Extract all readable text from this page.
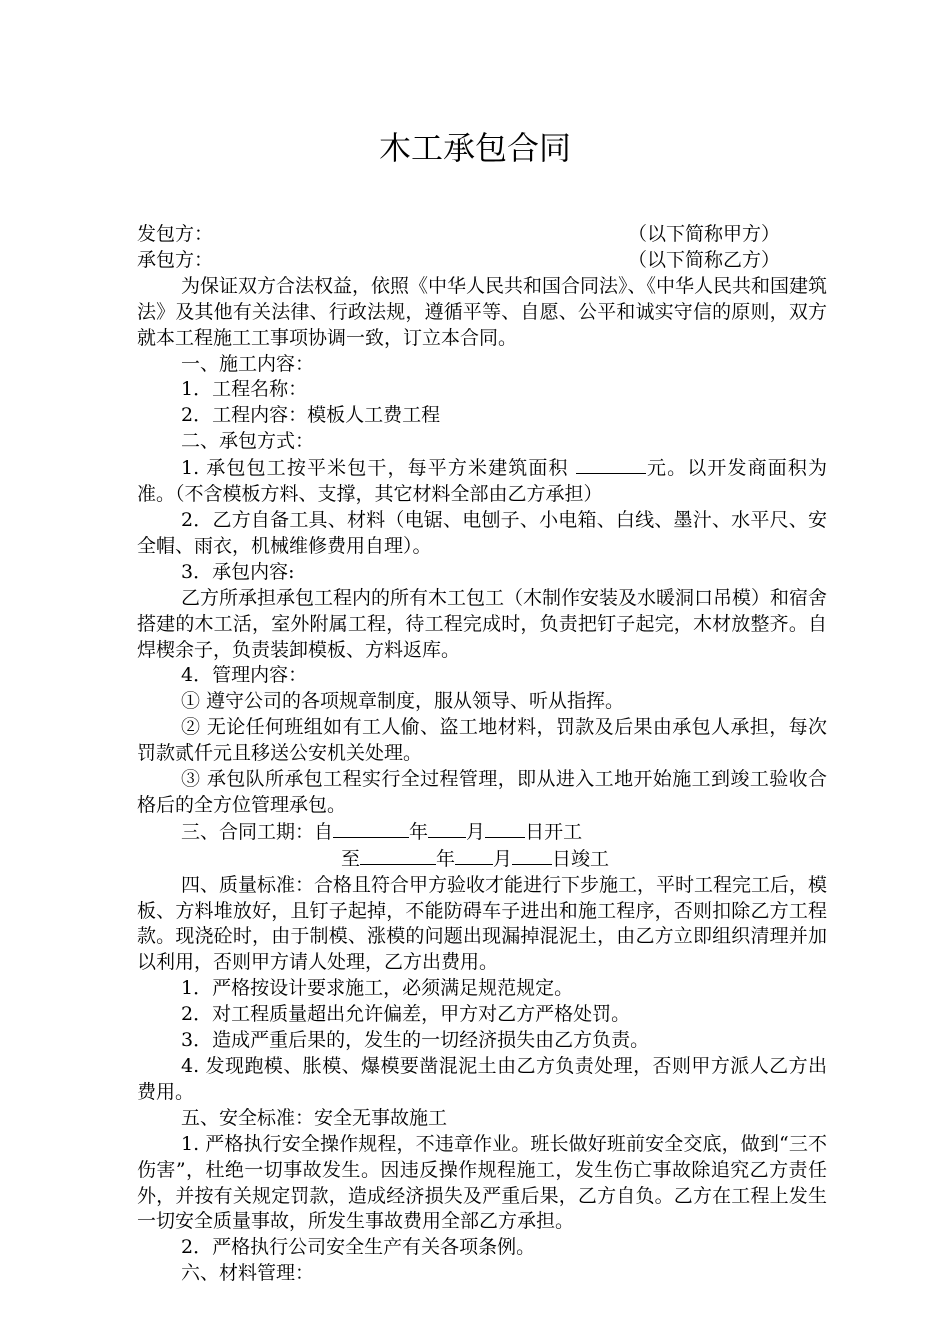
木工承包合同
发包方：	（以下简称甲方）
承包方：	（以下简称乙方）

为保证双方合法权益，依照《中华人民共和国合同法》、《中华人民共和国建筑法》及其他有关法律、行政法规，遵循平等、自愿、公平和诚实守信的原则，双方就本工程施工工事项协调一致，订立本合同。

一、施工内容：

1．工程名称：

2．工程内容：模板人工费工程

二、承包方式：

1. 承包包工按平米包干，每平方米建筑面积	元。以开发商面积为准。（不含模板方料、支撑，其它材料全部由乙方承担）

2．乙方自备工具、材料（电锯、电刨子、小电箱、白线、墨汁、水平尺、安全帽、雨衣，机械维修费用自理）。

3．承包内容:

乙方所承担承包工程内的所有木工包工（木制作安装及水暖洞口吊模）和宿舍搭建的木工活，室外附属工程，待工程完成时，负责把钉子起完，木材放整齐。自焊楔余子，负责装卸模板、方料返库。

4．管理内容：

① 遵守公司的各项规章制度，服从领导、听从指挥。

② 无论任何班组如有工人偷、盗工地材料，罚款及后果由承包人承担，每次罚款贰仟元且移送公安机关处理。

③ 承包队所承包工程实行全过程管理，即从进入工地开始施工到竣工验收合格后的全方位管理承包。

三、合同工期：自	年 月 日开工

至	年 月 日竣工

四、质量标准：合格且符合甲方验收才能进行下步施工，平时工程完工后，模板、方料堆放好，且钉子起掉，不能防碍车子进出和施工程序，否则扣除乙方工程款。现浇砼时，由于制模、涨模的问题出现漏掉混泥土，由乙方立即组织清理并加以利用，否则甲方请人处理，乙方出费用。

1．严格按设计要求施工，必须满足规范规定。

2．对工程质量超出允许偏差，甲方对乙方严格处罚。

3．造成严重后果的，发生的一切经济损失由乙方负责。

4. 发现跑模、胀模、爆模要凿混泥土由乙方负责处理，否则甲方派人乙方出费用。

五、安全标准：安全无事故施工

1. 严格执行安全操作规程，不违章作业。班长做好班前安全交底，做到“三不伤害”，杜绝一切事故发生。因违反操作规程施工，发生伤亡事故除追究乙方责任外，并按有关规定罚款，造成经济损失及严重后果，乙方自负。乙方在工程上发生一切安全质量事故，所发生事故费用全部乙方承担。

2．严格执行公司安全生产有关各项条例。

六、材料管理：
